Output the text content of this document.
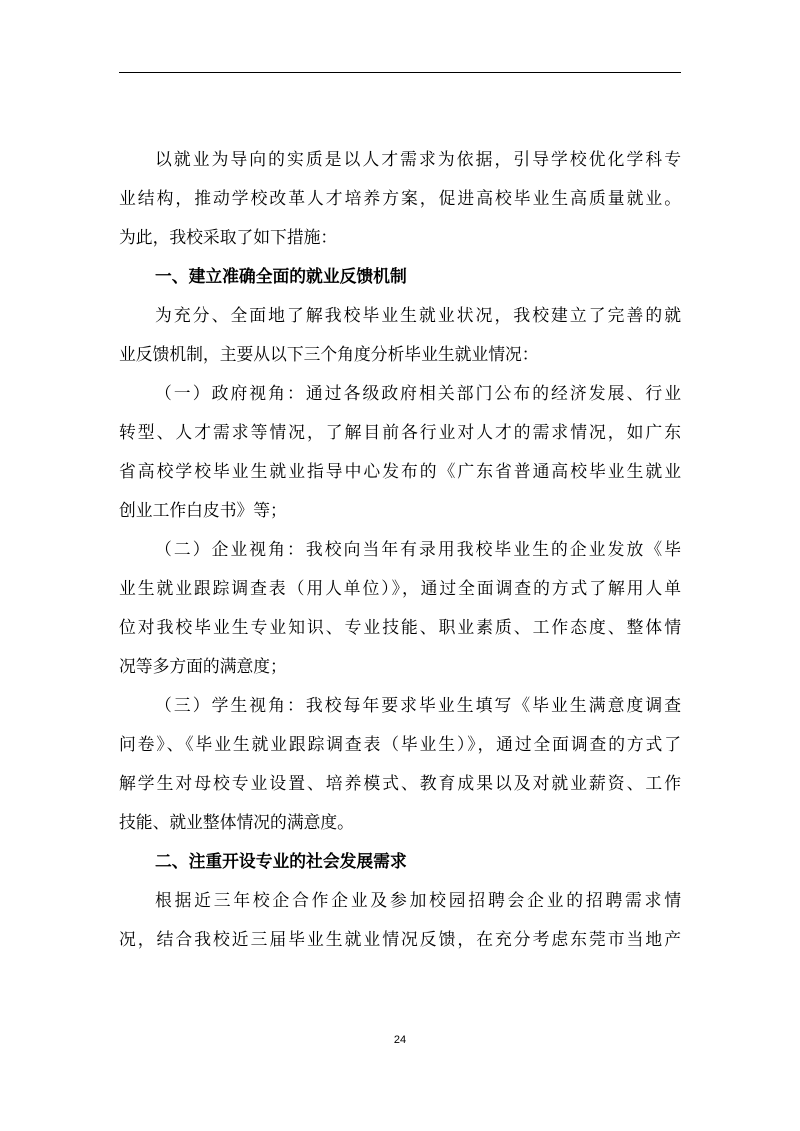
以就业为导向的实质是以人才需求为依据，引导学校优化学科专
业结构，推动学校改革人才培养方案，促进高校毕业生高质量就业。
为此，我校采取了如下措施：
一、建立准确全面的就业反馈机制
为充分、全面地了解我校毕业生就业状况，我校建立了完善的就
业反馈机制，主要从以下三个角度分析毕业生就业情况：
（一）政府视角：通过各级政府相关部门公布的经济发展、行业
转型、人才需求等情况，了解目前各行业对人才的需求情况，如广东
省高校学校毕业生就业指导中心发布的《广东省普通高校毕业生就业
创业工作白皮书》等；
（二）企业视角：我校向当年有录用我校毕业生的企业发放《毕
业生就业跟踪调查表（用人单位）》，通过全面调查的方式了解用人单
位对我校毕业生专业知识、专业技能、职业素质、工作态度、整体情
况等多方面的满意度；
（三）学生视角：我校每年要求毕业生填写《毕业生满意度调查
问卷》、《毕业生就业跟踪调查表（毕业生）》，通过全面调查的方式了
解学生对母校专业设置、培养模式、教育成果以及对就业薪资、工作
技能、就业整体情况的满意度。
二、注重开设专业的社会发展需求
根据近三年校企合作企业及参加校园招聘会企业的招聘需求情
况，结合我校近三届毕业生就业情况反馈，在充分考虑东莞市当地产
24
